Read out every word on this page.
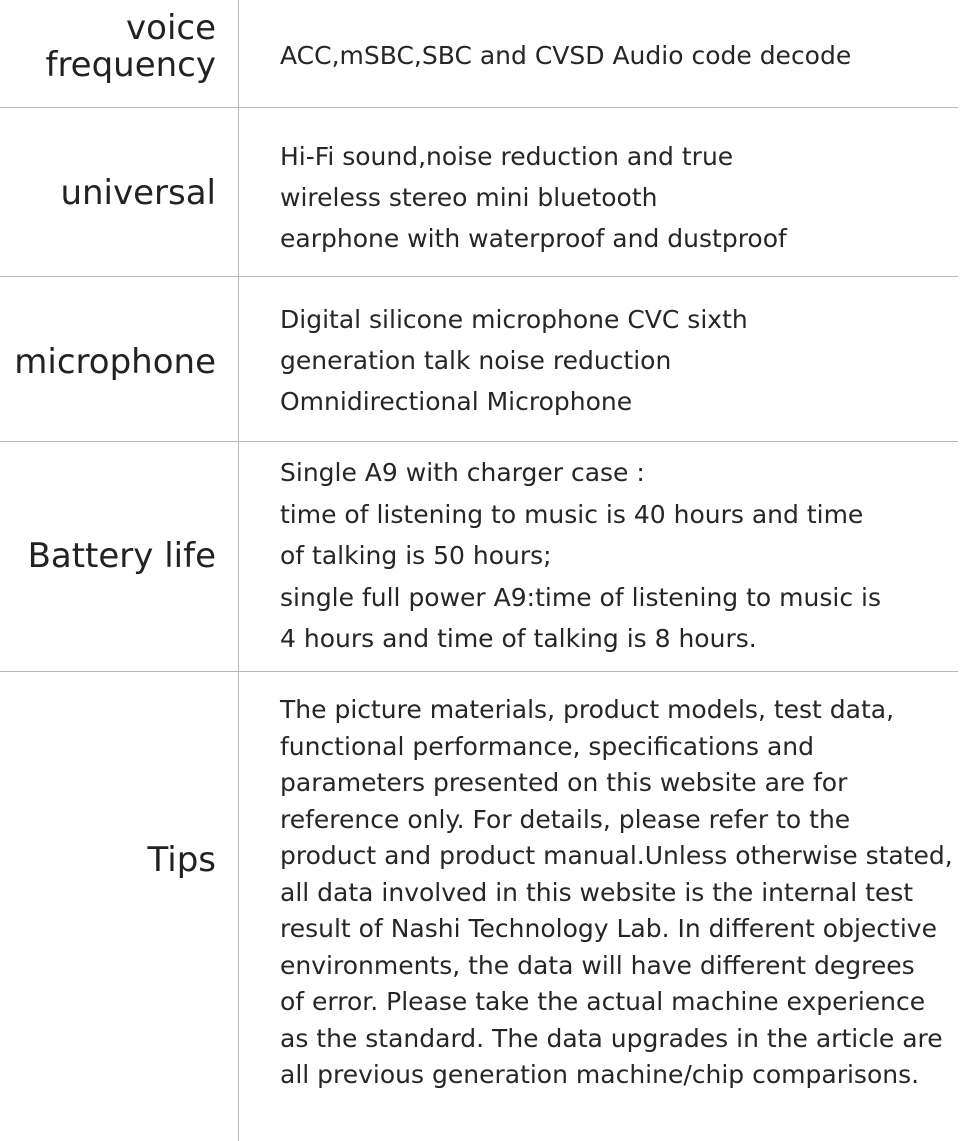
voice
frequency	ACC,mSBC,SBC and CVSD Audio code decode
universal
Hi-Fi sound,noise reduction and true
wireless stereo mini bluetooth
earphone with waterproof and dustproof
microphone
Digital silicone microphone CVC sixth
generation talk noise reduction
Omnidirectional Microphone
Battery life
Single A9 with charger case :
time of listening to music is 40 hours and time
of talking is 50 hours;
single full power A9:time of listening to music is
4 hours and time of talking is 8 hours.
Tips
The picture materials, product models, test data,
functional performance, specifications and
parameters presented on this website are for
reference only. For details, please refer to the
product and product manual.Unless otherwise stated,
all data involved in this website is the internal test
result of Nashi Technology Lab. In different objective
environments, the data will have different degrees
of error. Please take the actual machine experience
as the standard. The data upgrades in the article are
all previous generation machine/chip comparisons.
